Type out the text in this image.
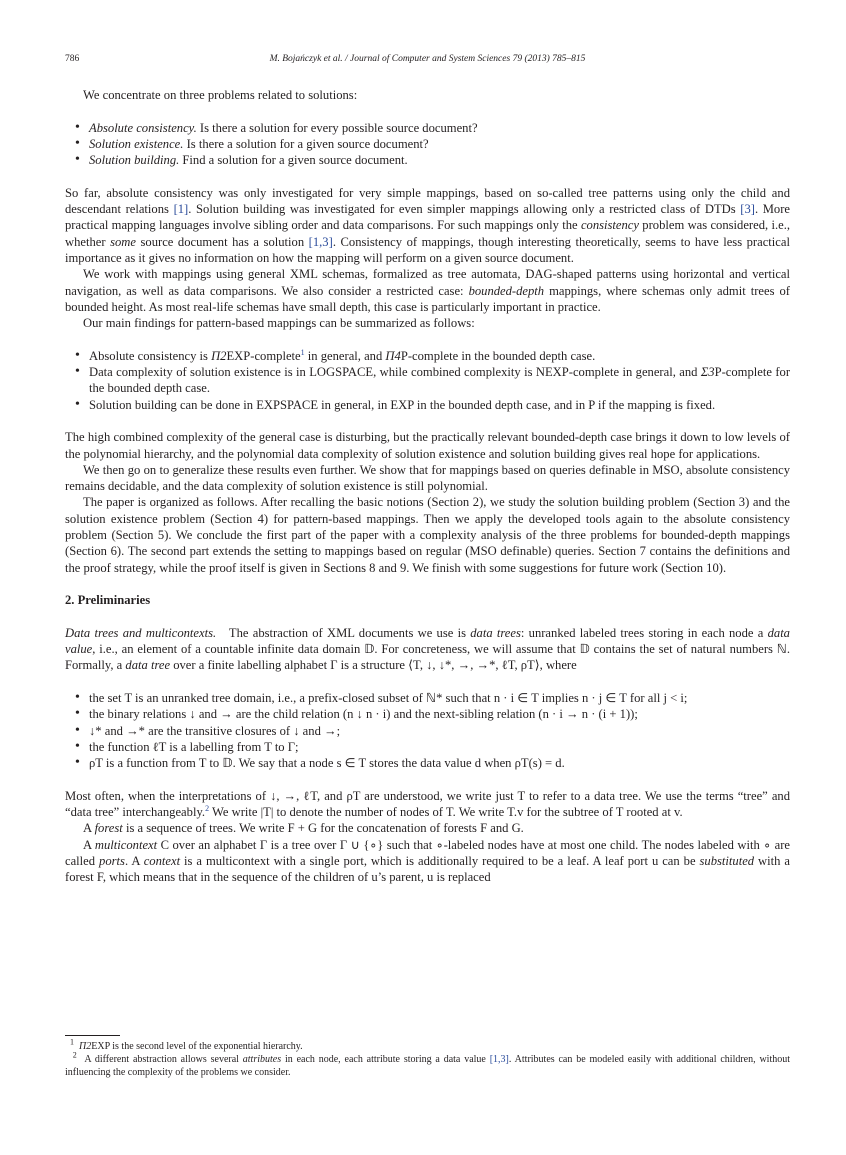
786	M. Bojańczyk et al. / Journal of Computer and System Sciences 79 (2013) 785–815

We concentrate on three problems related to solutions:

• Absolute consistency. Is there a solution for every possible source document?
• Solution existence. Is there a solution for a given source document?
• Solution building. Find a solution for a given source document.

So far, absolute consistency was only investigated for very simple mappings, based on so-called tree patterns using only the child and descendant relations [1]. Solution building was investigated for even simpler mappings allowing only a restricted class of DTDs [3]. More practical mapping languages involve sibling order and data comparisons. For such mappings only the consistency problem was considered, i.e., whether some source document has a solution [1,3]. Consistency of mappings, though interesting theoretically, seems to have less practical importance as it gives no information on how the mapping will perform on a given source document.

We work with mappings using general XML schemas, formalized as tree automata, DAG-shaped patterns using horizontal and vertical navigation, as well as data comparisons. We also consider a restricted case: bounded-depth mappings, where schemas only admit trees of bounded height. As most real-life schemas have small depth, this case is particularly important in practice.

Our main findings for pattern-based mappings can be summarized as follows:

• Absolute consistency is Π2EXP-complete$^1$ in general, and Π4P-complete in the bounded depth case.
• Data complexity of solution existence is in LOGSPACE, while combined complexity is NEXP-complete in general, and Σ3P-complete for the bounded depth case.
• Solution building can be done in EXPSPACE in general, in EXP in the bounded depth case, and in P if the mapping is fixed.

The high combined complexity of the general case is disturbing, but the practically relevant bounded-depth case brings it down to low levels of the polynomial hierarchy, and the polynomial data complexity of solution existence and solution building gives real hope for applications.

We then go on to generalize these results even further. We show that for mappings based on queries definable in MSO, absolute consistency remains decidable, and the data complexity of solution existence is still polynomial.

The paper is organized as follows. After recalling the basic notions (Section 2), we study the solution building problem (Section 3) and the solution existence problem (Section 4) for pattern-based mappings. Then we apply the developed tools again to the absolute consistency problem (Section 5). We conclude the first part of the paper with a complexity analysis of the three problems for bounded-depth mappings (Section 6). The second part extends the setting to mappings based on regular (MSO definable) queries. Section 7 contains the definitions and the proof strategy, while the proof itself is given in Sections 8 and 9. We finish with some suggestions for future work (Section 10).

2. Preliminaries

Data trees and multicontexts. The abstraction of XML documents we use is data trees: unranked labeled trees storing in each node a data value, i.e., an element of a countable infinite data domain 𝔻. For concreteness, we will assume that 𝔻 contains the set of natural numbers ℕ. Formally, a data tree over a finite labelling alphabet Γ is a structure ⟨T, ↓, ↓*, →, →*, ℓT, ρT⟩, where

• the set T is an unranked tree domain, i.e., a prefix-closed subset of ℕ* such that n · i ∈ T implies n · j ∈ T for all j < i;
• the binary relations ↓ and → are the child relation (n ↓ n · i) and the next-sibling relation (n · i → n · (i + 1));
• ↓* and →* are the transitive closures of ↓ and →;
• the function ℓT is a labelling from T to Γ;
• ρT is a function from T to 𝔻. We say that a node s ∈ T stores the data value d when ρT(s) = d.

Most often, when the interpretations of ↓, →, ℓT, and ρT are understood, we write just T to refer to a data tree. We use the terms “tree” and “data tree” interchangeably.$^2$ We write |T| to denote the number of nodes of T. We write T.v for the subtree of T rooted at v.

A forest is a sequence of trees. We write F + G for the concatenation of forests F and G.

A multicontext C over an alphabet Γ is a tree over Γ ∪ {∘} such that ∘-labeled nodes have at most one child. The nodes labeled with ∘ are called ports. A context is a multicontext with a single port, which is additionally required to be a leaf. A leaf port u can be substituted with a forest F, which means that in the sequence of the children of u’s parent, u is replaced

$^1$ Π2EXP is the second level of the exponential hierarchy.

$^2$ A different abstraction allows several attributes in each node, each attribute storing a data value [1,3]. Attributes can be modeled easily with additional children, without influencing the complexity of the problems we consider.
